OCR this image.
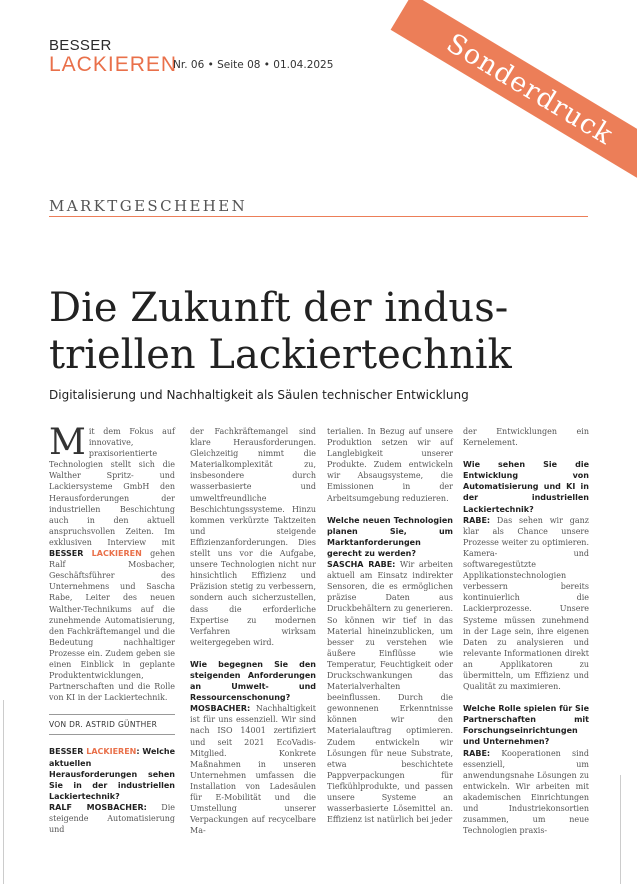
BESSER
LACKIEREN
Nr. 06 • Seite 08 • 01.04.2025	Sonderdruck
MARKTGESCHEHEN
Die Zukunft der indus-
triellen Lackiertechnik
Digitalisierung und Nachhaltigkeit als Säulen technischer Entwicklung

Mit dem Fokus auf innovative, praxisorientierte Technologien stellt sich die Walther Spritz- und Lackiersysteme GmbH den Herausforderungen der industriellen Beschichtung auch in den aktuell anspruchsvollen Zeiten. Im exklusiven Interview mit BESSER LACKIEREN gehen Ralf Mosbacher, Geschäftsführer des Unternehmens und Sascha Rabe, Leiter des neuen Walther-Technikums auf die zunehmende Automatisierung, den Fachkräftemangel und die Bedeutung nachhaltiger Prozesse ein. Zudem geben sie einen Einblick in geplante Produktentwicklungen, Partnerschaften und die Rolle von KI in der Lackiertechnik.

VON DR. ASTRID GÜNTHER

BESSER LACKIEREN: Welche aktuellen Herausforderungen sehen Sie in der industriellen Lackiertechnik?

RALF MOSBACHER: Die steigende Automatisierung und

der Fachkräftemangel sind klare Herausforderungen. Gleichzeitig nimmt die Materialkomplexität zu, insbesondere durch wasserbasierte und umweltfreundliche Beschichtungssysteme. Hinzu kommen verkürzte Taktzeiten und steigende Effizienzanforderungen. Dies stellt uns vor die Aufgabe, unsere Technologien nicht nur hinsichtlich Effizienz und Präzision stetig zu verbessern, sondern auch sicherzustellen, dass die erforderliche Expertise zu modernen Verfahren wirksam weitergegeben wird.

Wie begegnen Sie den steigenden Anforderungen an Umwelt- und Ressourcenschonung?

MOSBACHER: Nachhaltigkeit ist für uns essenziell. Wir sind nach ISO 14001 zertifiziert und seit 2021 EcoVadis-Mitglied. Konkrete Maßnahmen in unseren Unternehmen umfassen die Installation von Ladesäulen für E-Mobilität und die Umstellung unserer Verpackungen auf recycelbare Ma-

terialien. In Bezug auf unsere Produktion setzen wir auf Langlebigkeit unserer Produkte. Zudem entwickeln wir Absaugsysteme, die Emissionen in der Arbeitsumgebung reduzieren.

Welche neuen Technologien planen Sie, um Marktanforderungen gerecht zu werden?

SASCHA RABE: Wir arbeiten aktuell am Einsatz indirekter Sensoren, die es ermöglichen präzise Daten aus Druckbehältern zu generieren. So können wir tief in das Material hineinzublicken, um besser zu verstehen wie äußere Einflüsse wie Temperatur, Feuchtigkeit oder Druckschwankungen das Materialverhalten beeinflussen. Durch die gewonnenen Erkenntnisse können wir den Materialauftrag optimieren. Zudem entwickeln wir Lösungen für neue Substrate, etwa beschichtete Pappverpackungen für Tiefkühlprodukte, und passen unsere Systeme an wasserbasierte Lösemittel an. Effizienz ist natürlich bei jeder

der Entwicklungen ein Kernelement.

Wie sehen Sie die Entwicklung von Automatisierung und KI in der industriellen Lackiertechnik?

RABE: Das sehen wir ganz klar als Chance unsere Prozesse weiter zu optimieren. Kamera- und softwaregestützte Applikationstechnologien verbessern bereits kontinuierlich die Lackierprozesse. Unsere Systeme müssen zunehmend in der Lage sein, ihre eigenen Daten zu analysieren und relevante Informationen direkt an Applikatoren zu übermitteln, um Effizienz und Qualität zu maximieren.

Welche Rolle spielen für Sie Partnerschaften mit Forschungseinrichtungen und Unternehmen?

RABE: Kooperationen sind essenziell, um anwendungsnahe Lösungen zu entwickeln. Wir arbeiten mit akademischen Einrichtungen und Industriekonsortien zusammen, um neue Technologien praxis-
